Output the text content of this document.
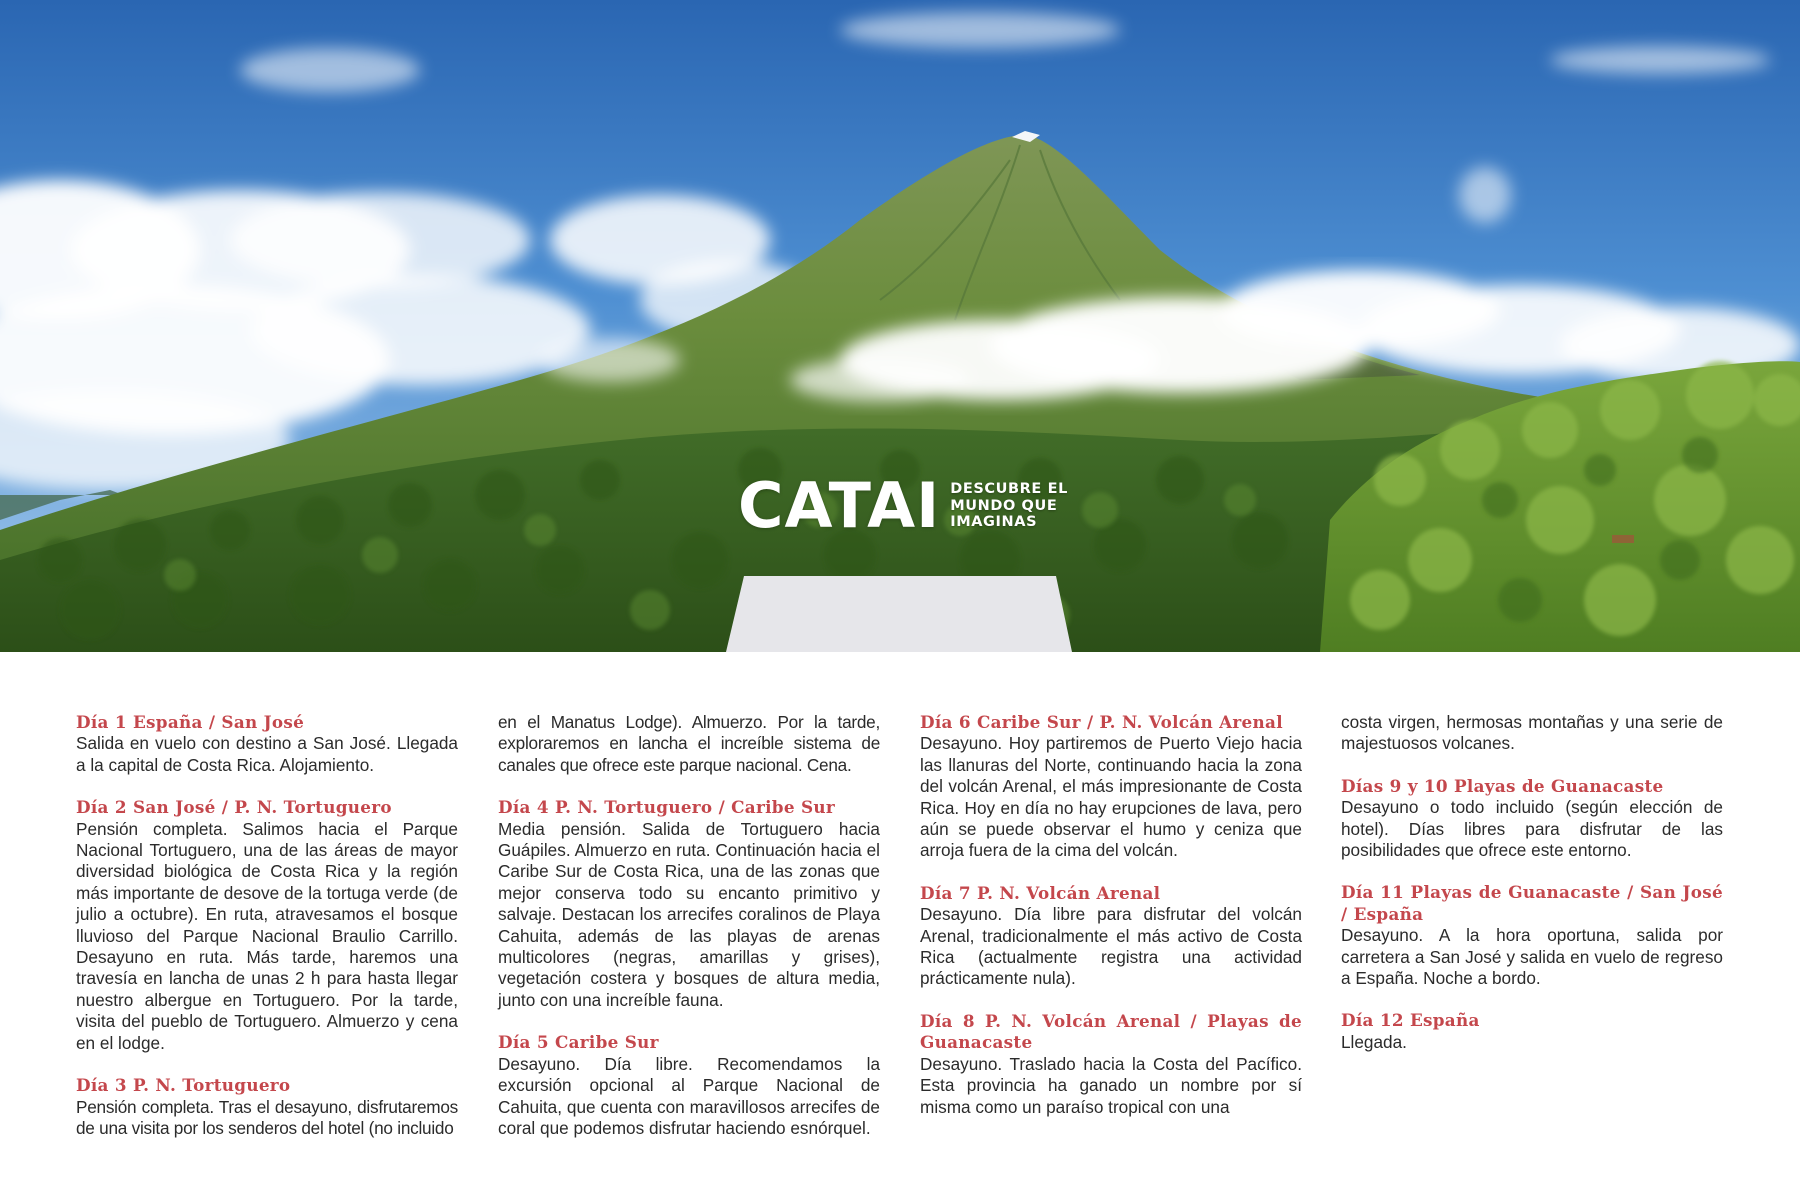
CATAI DESCUBRE EL
MUNDO QUE
IMAGINAS
Día 1 España / San José
Salida en vuelo con destino a San José. Llegada a la capital de Costa Rica. Alojamiento.
Día 2 San José / P. N. Tortuguero
Pensión completa. Salimos hacia el Parque Nacional Tortuguero, una de las áreas de mayor diversidad biológica de Costa Rica y la región más importante de desove de la tortuga verde (de julio a octubre). En ruta, atravesamos el bosque lluvioso del Parque Nacional Braulio Carrillo. Desayuno en ruta. Más tarde, haremos una travesía en lancha de unas 2 h para hasta llegar nuestro albergue en Tortuguero. Por la tarde, visita del pueblo de Tortuguero. Almuerzo y cena en el lodge.
Día 3 P. N. Tortuguero
Pensión completa. Tras el desayuno, disfrutaremos de una visita por los senderos del hotel (no incluido
en el Manatus Lodge). Almuerzo. Por la tarde, exploraremos en lancha el increíble sistema de canales que ofrece este parque nacional. Cena.
Día 4 P. N. Tortuguero / Caribe Sur
Media pensión. Salida de Tortuguero hacia Guápiles. Almuerzo en ruta. Continuación hacia el Caribe Sur de Costa Rica, una de las zonas que mejor conserva todo su encanto primitivo y salvaje. Destacan los arrecifes coralinos de Playa Cahuita, además de las playas de arenas multicolores (negras, amarillas y grises), vegetación costera y bosques de altura media, junto con una increíble fauna.
Día 5 Caribe Sur
Desayuno. Día libre. Recomendamos la excursión opcional al Parque Nacional de Cahuita, que cuenta con maravillosos arrecifes de coral que podemos disfrutar haciendo esnórquel.
Día 6 Caribe Sur / P. N. Volcán Arenal
Desayuno. Hoy partiremos de Puerto Viejo hacia las llanuras del Norte, continuando hacia la zona del volcán Arenal, el más impresionante de Costa Rica. Hoy en día no hay erupciones de lava, pero aún se puede observar el humo y ceniza que arroja fuera de la cima del volcán.
Día 7 P. N. Volcán Arenal
Desayuno. Día libre para disfrutar del volcán Arenal, tradicionalmente el más activo de Costa Rica (actualmente registra una actividad prácticamente nula).
Día 8 P. N. Volcán Arenal / Playas de Guanacaste
Desayuno. Traslado hacia la Costa del Pacífico. Esta provincia ha ganado un nombre por sí misma como un paraíso tropical con una
costa virgen, hermosas montañas y una serie de majestuosos volcanes.
Días 9 y 10 Playas de Guanacaste
Desayuno o todo incluido (según elección de hotel). Días libres para disfrutar de las posibilidades que ofrece este entorno.
Día 11 Playas de Guanacaste / San José / España
Desayuno. A la hora oportuna, salida por carretera a San José y salida en vuelo de regreso a España. Noche a bordo.
Día 12 España
Llegada.
